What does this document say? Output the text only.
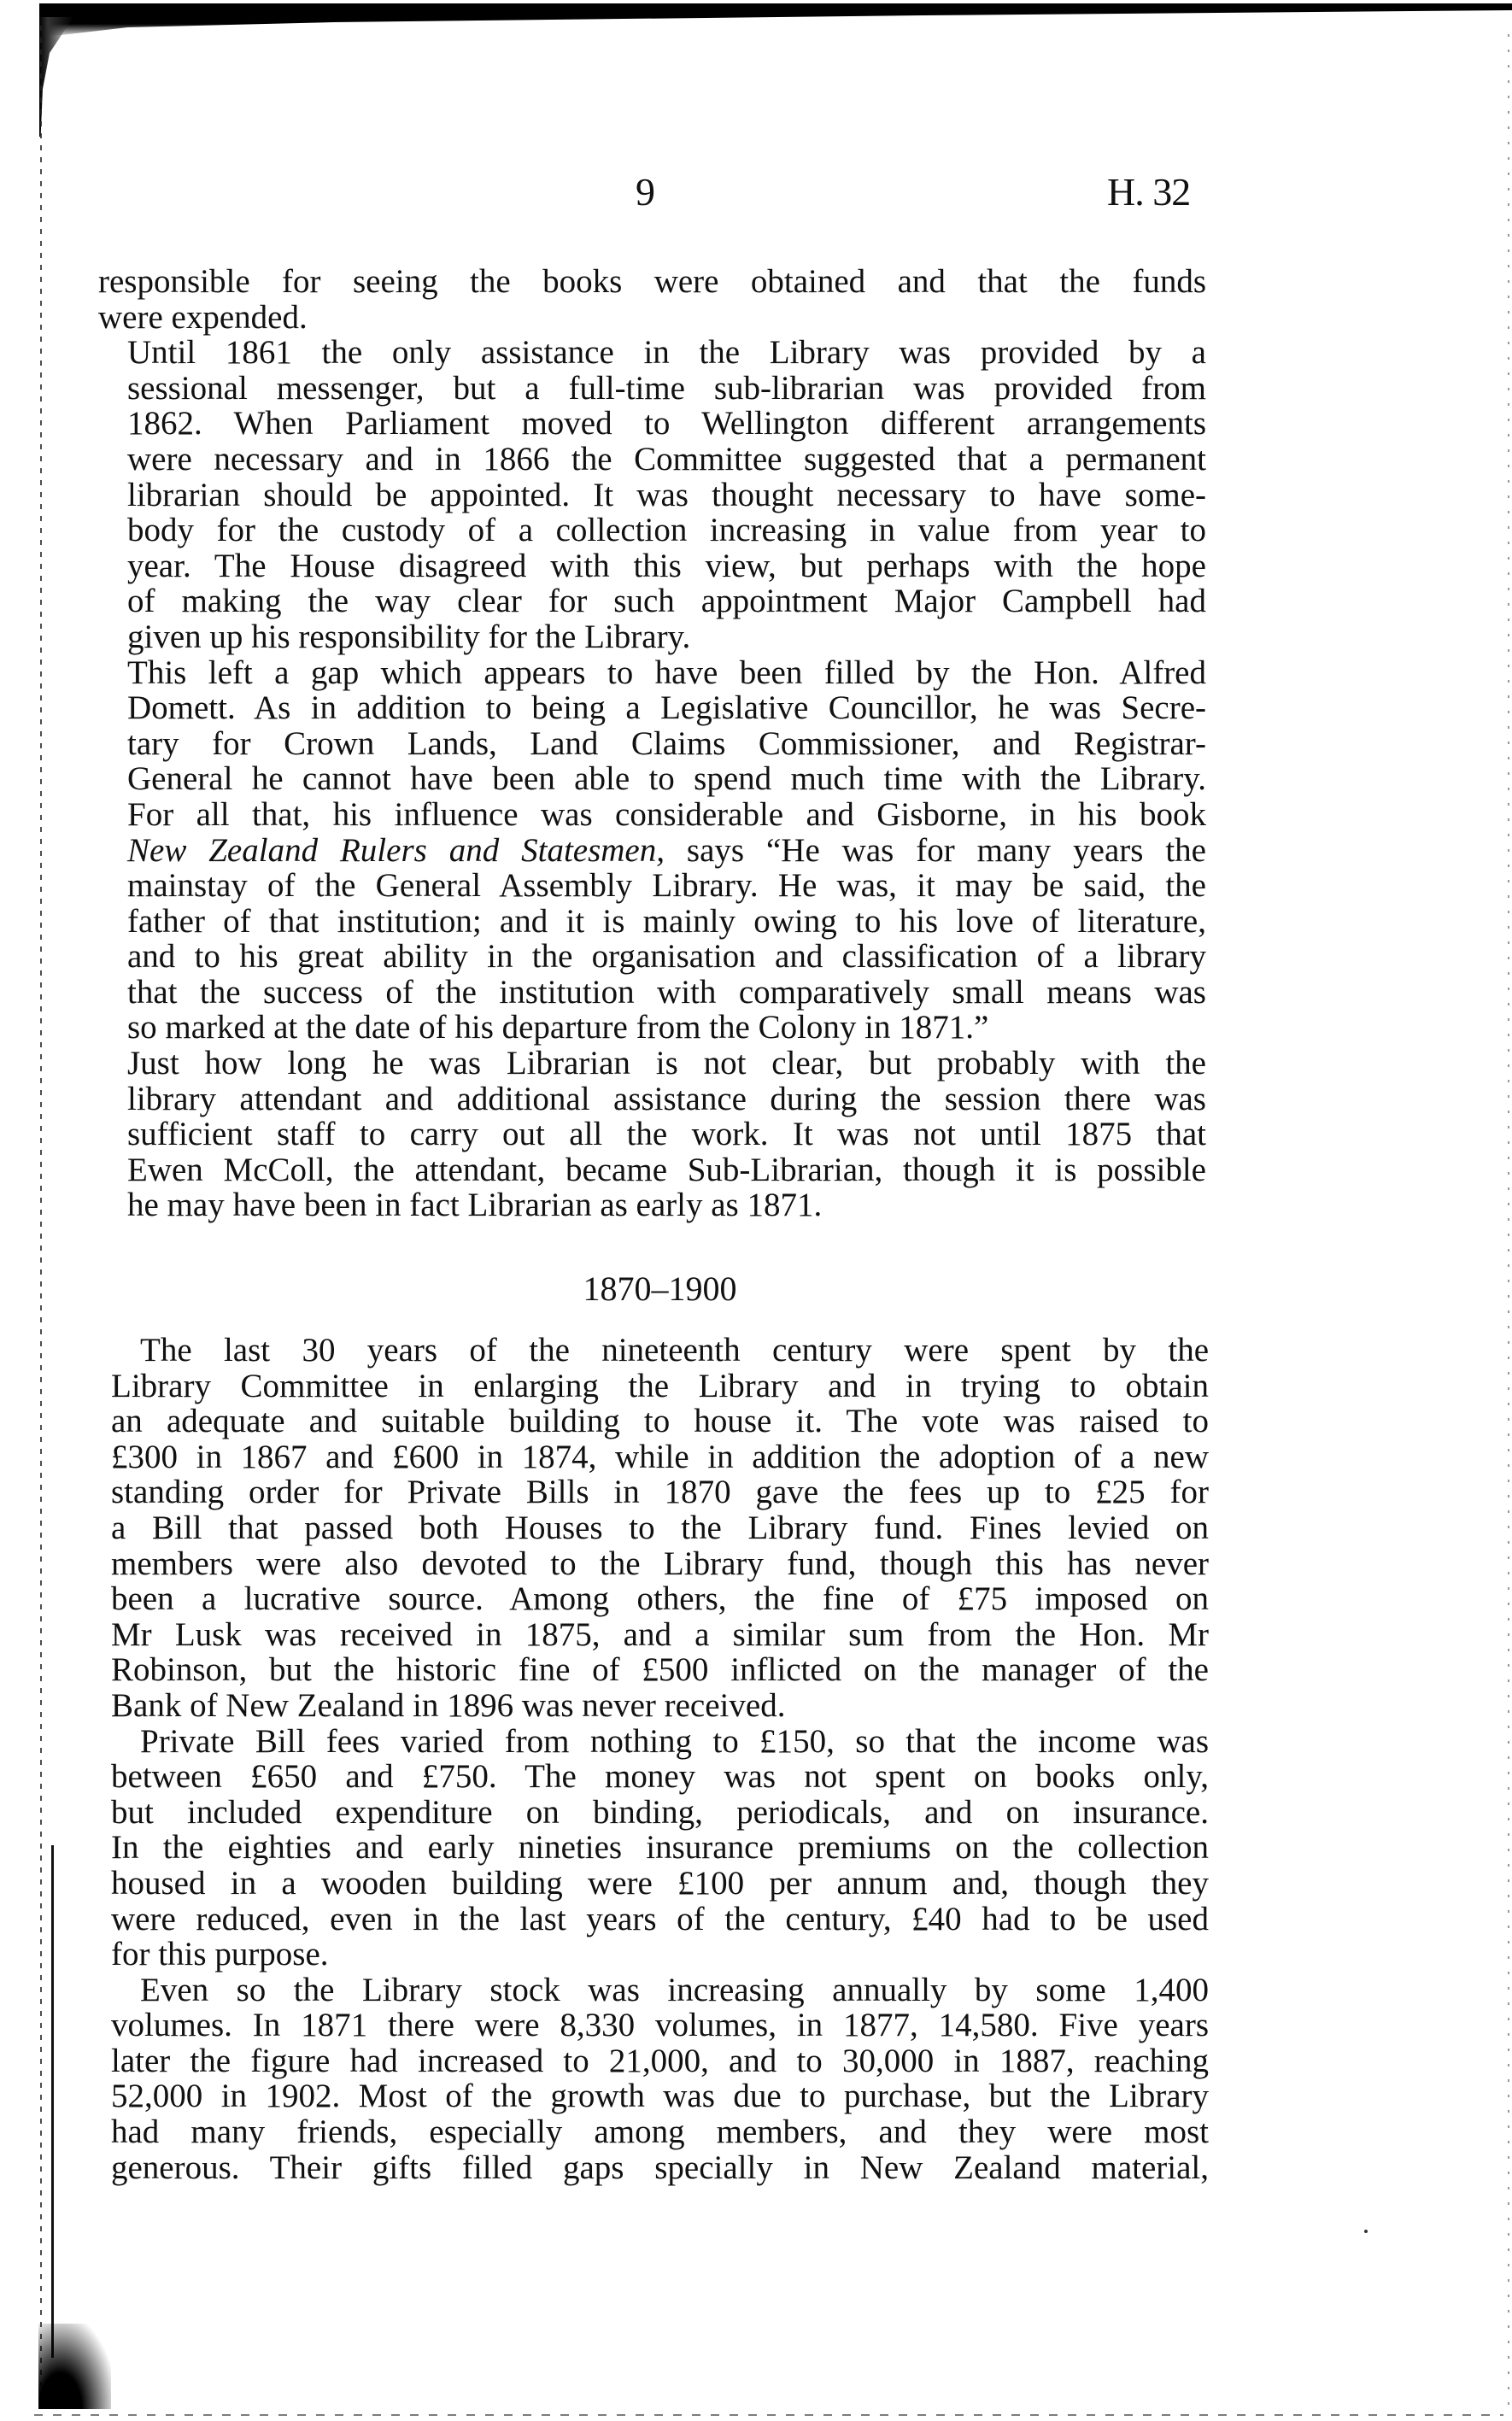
9	H. 32

responsible for seeing the books were obtained and that the funds
were expended.

Until 1861 the only assistance in the Library was provided by a
sessional messenger, but a full-time sub-librarian was provided from
1862. When Parliament moved to Wellington different arrangements
were necessary and in 1866 the Committee suggested that a permanent
librarian should be appointed. It was thought necessary to have some-
body for the custody of a collection increasing in value from year to
year. The House disagreed with this view, but perhaps with the hope
of making the way clear for such appointment Major Campbell had
given up his responsibility for the Library.

This left a gap which appears to have been filled by the Hon. Alfred
Domett. As in addition to being a Legislative Councillor, he was Secre-
tary for Crown Lands, Land Claims Commissioner, and Registrar-
General he cannot have been able to spend much time with the Library.
For all that, his influence was considerable and Gisborne, in his book
New Zealand Rulers and Statesmen, says “He was for many years the
mainstay of the General Assembly Library. He was, it may be said, the
father of that institution; and it is mainly owing to his love of literature,
and to his great ability in the organisation and classification of a library
that the success of the institution with comparatively small means was
so marked at the date of his departure from the Colony in 1871.”

Just how long he was Librarian is not clear, but probably with the
library attendant and additional assistance during the session there was
sufficient staff to carry out all the work. It was not until 1875 that
Ewen McColl, the attendant, became Sub-Librarian, though it is possible
he may have been in fact Librarian as early as 1871.

1870–1900

The last 30 years of the nineteenth century were spent by the
Library Committee in enlarging the Library and in trying to obtain
an adequate and suitable building to house it. The vote was raised to
£300 in 1867 and £600 in 1874, while in addition the adoption of a new
standing order for Private Bills in 1870 gave the fees up to £25 for
a Bill that passed both Houses to the Library fund. Fines levied on
members were also devoted to the Library fund, though this has never
been a lucrative source. Among others, the fine of £75 imposed on
Mr Lusk was received in 1875, and a similar sum from the Hon. Mr
Robinson, but the historic fine of £500 inflicted on the manager of the
Bank of New Zealand in 1896 was never received.

Private Bill fees varied from nothing to £150, so that the income was
between £650 and £750. The money was not spent on books only,
but included expenditure on binding, periodicals, and on insurance.
In the eighties and early nineties insurance premiums on the collection
housed in a wooden building were £100 per annum and, though they
were reduced, even in the last years of the century, £40 had to be used
for this purpose.

Even so the Library stock was increasing annually by some 1,400
volumes. In 1871 there were 8,330 volumes, in 1877, 14,580. Five years
later the figure had increased to 21,000, and to 30,000 in 1887, reaching
52,000 in 1902. Most of the growth was due to purchase, but the Library
had many friends, especially among members, and they were most
generous. Their gifts filled gaps specially in New Zealand material,
